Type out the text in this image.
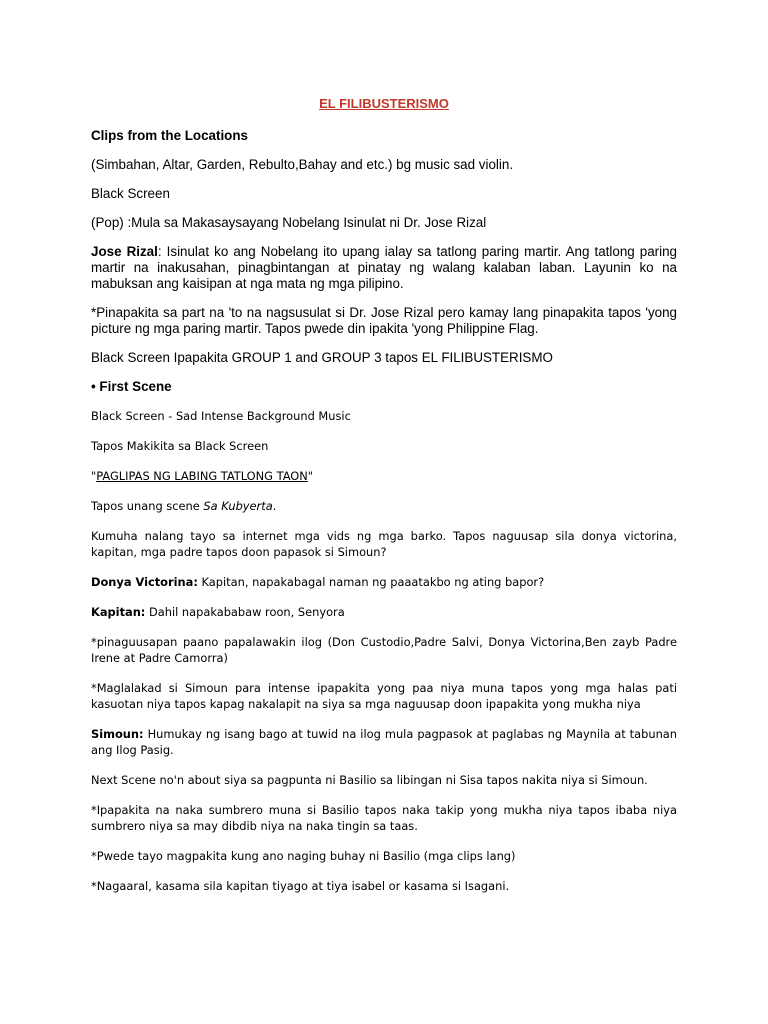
EL FILIBUSTERISMO

Clips from the Locations

(Simbahan, Altar, Garden, Rebulto,Bahay and etc.) bg music sad violin.

Black Screen

(Pop) :Mula sa Makasaysayang Nobelang Isinulat ni Dr. Jose Rizal

Jose Rizal: Isinulat ko ang Nobelang ito upang ialay sa tatlong paring martir. Ang tatlong paring martir na inakusahan, pinagbintangan at pinatay ng walang kalaban laban. Layunin ko na mabuksan ang kaisipan at nga mata ng mga pilipino.

*Pinapakita sa part na 'to na nagsusulat si Dr. Jose Rizal pero kamay lang pinapakita tapos 'yong picture ng mga paring martir. Tapos pwede din ipakita 'yong Philippine Flag.

Black Screen Ipapakita GROUP 1 and GROUP 3 tapos EL FILIBUSTERISMO

• First Scene

Black Screen - Sad Intense Background Music

Tapos Makikita sa Black Screen

"PAGLIPAS NG LABING TATLONG TAON"

Tapos unang scene Sa Kubyerta.

Kumuha nalang tayo sa internet mga vids ng mga barko. Tapos naguusap sila donya victorina, kapitan, mga padre tapos doon papasok si Simoun?

Donya Victorina: Kapitan, napakabagal naman ng paaatakbo ng ating bapor?

Kapitan: Dahil napakababaw roon, Senyora

*pinaguusapan paano papalawakin ilog (Don Custodio,Padre Salvi, Donya Victorina,Ben zayb Padre Irene at Padre Camorra)

*Maglalakad si Simoun para intense ipapakita yong paa niya muna tapos yong mga halas pati kasuotan niya tapos kapag nakalapit na siya sa mga naguusap doon ipapakita yong mukha niya

Simoun: Humukay ng isang bago at tuwid na ilog mula pagpasok at paglabas ng Maynila at tabunan ang Ilog Pasig.

Next Scene no'n about siya sa pagpunta ni Basilio sa libingan ni Sisa tapos nakita niya si Simoun.

*Ipapakita na naka sumbrero muna si Basilio tapos naka takip yong mukha niya tapos ibaba niya sumbrero niya sa may dibdib niya na naka tingin sa taas.

*Pwede tayo magpakita kung ano naging buhay ni Basilio (mga clips lang)

*Nagaaral, kasama sila kapitan tiyago at tiya isabel or kasama si Isagani.
